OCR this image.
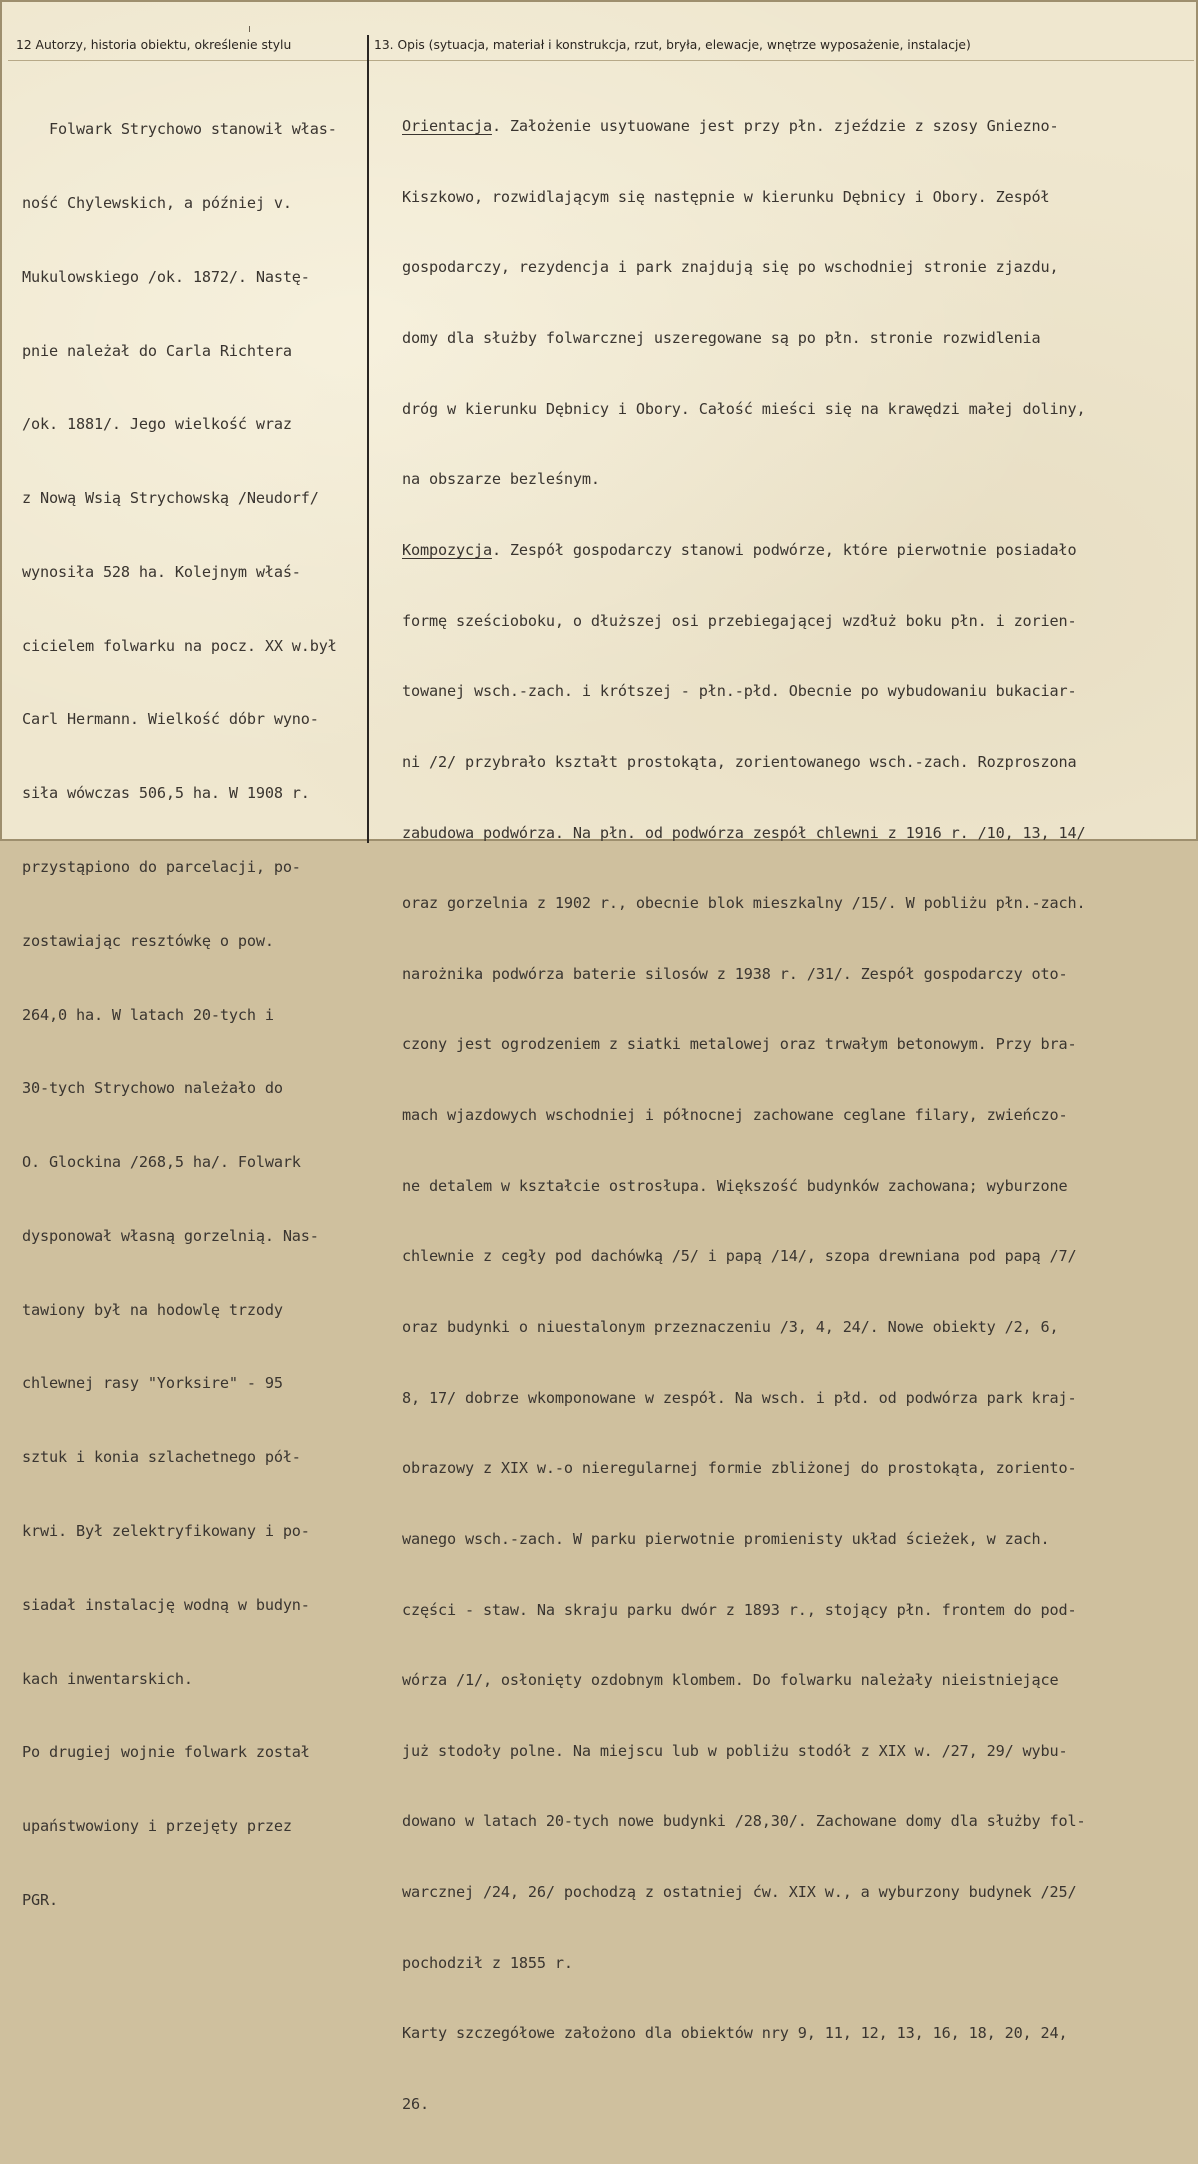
12 Autorzy, historia obiektu, określenie stylu	13. Opis (sytuacja, materiał i konstrukcja, rzut, bryła, elewacje, wnętrze wyposażenie, instalacje)

Folwark Strychowo stanowił włas-

ność Chylewskich, a później v.

Mukulowskiego /ok. 1872/. Nastę-

pnie należał do Carla Richtera

/ok. 1881/. Jego wielkość wraz

z Nową Wsią Strychowską /Neudorf/

wynosiła 528 ha. Kolejnym właś-

cicielem folwarku na pocz. XX w.był

Carl Hermann. Wielkość dóbr wyno-

siła wówczas 506,5 ha. W 1908 r.

przystąpiono do parcelacji, po-

zostawiając resztówkę o pow.

264,0 ha. W latach 20-tych i

30-tych Strychowo należało do

O. Glockina /268,5 ha/. Folwark

dysponował własną gorzelnią. Nas-

tawiony był na hodowlę trzody

chlewnej rasy "Yorksire" - 95

sztuk i konia szlachetnego pół-

krwi. Był zelektryfikowany i po-

siadał instalację wodną w budyn-

kach inwentarskich.

Po drugiej wojnie folwark został

upaństwowiony i przejęty przez

PGR.

Orientacja. Założenie usytuowane jest przy płn. zjeździe z szosy Gniezno-

Kiszkowo, rozwidlającym się następnie w kierunku Dębnicy i Obory. Zespół

gospodarczy, rezydencja i park znajdują się po wschodniej stronie zjazdu,

domy dla służby folwarcznej uszeregowane są po płn. stronie rozwidlenia

dróg w kierunku Dębnicy i Obory. Całość mieści się na krawędzi małej doliny,

na obszarze bezleśnym.

Kompozycja. Zespół gospodarczy stanowi podwórze, które pierwotnie posiadało

formę sześcioboku, o dłuższej osi przebiegającej wzdłuż boku płn. i zorien-

towanej wsch.-zach. i krótszej - płn.-płd. Obecnie po wybudowaniu bukaciar-

ni /2/ przybrało kształt prostokąta, zorientowanego wsch.-zach. Rozproszona

zabudowa podwórza. Na płn. od podwórza zespół chlewni z 1916 r. /10, 13, 14/

oraz gorzelnia z 1902 r., obecnie blok mieszkalny /15/. W pobliżu płn.-zach.

narożnika podwórza baterie silosów z 1938 r. /31/. Zespół gospodarczy oto-

czony jest ogrodzeniem z siatki metalowej oraz trwałym betonowym. Przy bra-

mach wjazdowych wschodniej i północnej zachowane ceglane filary, zwieńczo-

ne detalem w kształcie ostrosłupa. Większość budynków zachowana; wyburzone

chlewnie z cegły pod dachówką /5/ i papą /14/, szopa drewniana pod papą /7/

oraz budynki o niuestalonym przeznaczeniu /3, 4, 24/. Nowe obiekty /2, 6,

8, 17/ dobrze wkomponowane w zespół. Na wsch. i płd. od podwórza park kraj-

obrazowy z XIX w.-o nieregularnej formie zbliżonej do prostokąta, zoriento-

wanego wsch.-zach. W parku pierwotnie promienisty układ ścieżek, w zach.

części - staw. Na skraju parku dwór z 1893 r., stojący płn. frontem do pod-

wórza /1/, osłonięty ozdobnym klombem. Do folwarku należały nieistniejące

już stodoły polne. Na miejscu lub w pobliżu stodół z XIX w. /27, 29/ wybu-

dowano w latach 20-tych nowe budynki /28,30/. Zachowane domy dla służby fol-

warcznej /24, 26/ pochodzą z ostatniej ćw. XIX w., a wyburzony budynek /25/

pochodził z 1855 r.

Karty szczegółowe założono dla obiektów nry 9, 11, 12, 13, 16, 18, 20, 24,

26.
